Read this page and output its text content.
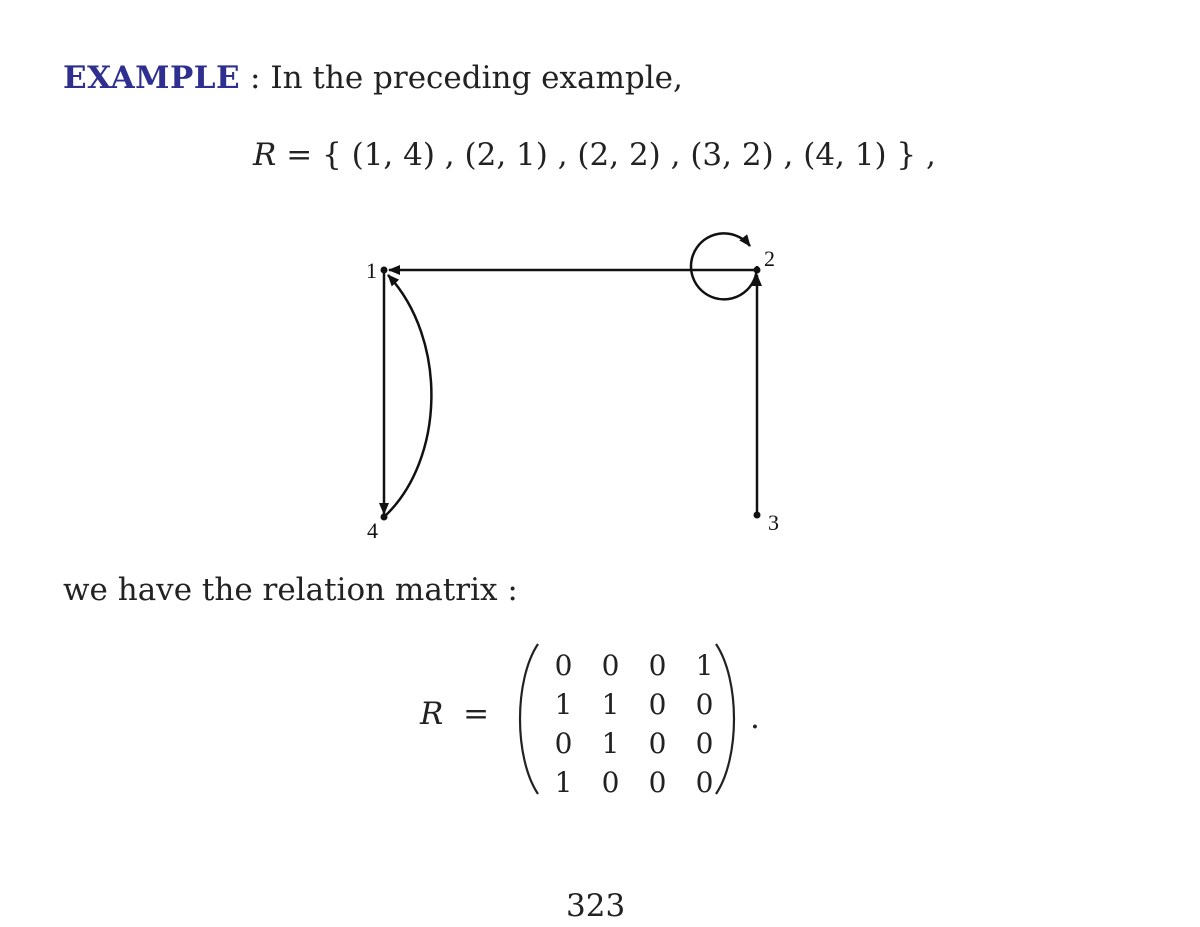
EXAMPLE : In the preceding example,
R = { (1, 4) , (2, 1) , (2, 2) , (3, 2) , (4, 1) } ,
1	2
3
4
we have the relation matrix :
R =
0	0	0	1
1	1	0	0
0	1	0	0
1	0	0	0
.
323
